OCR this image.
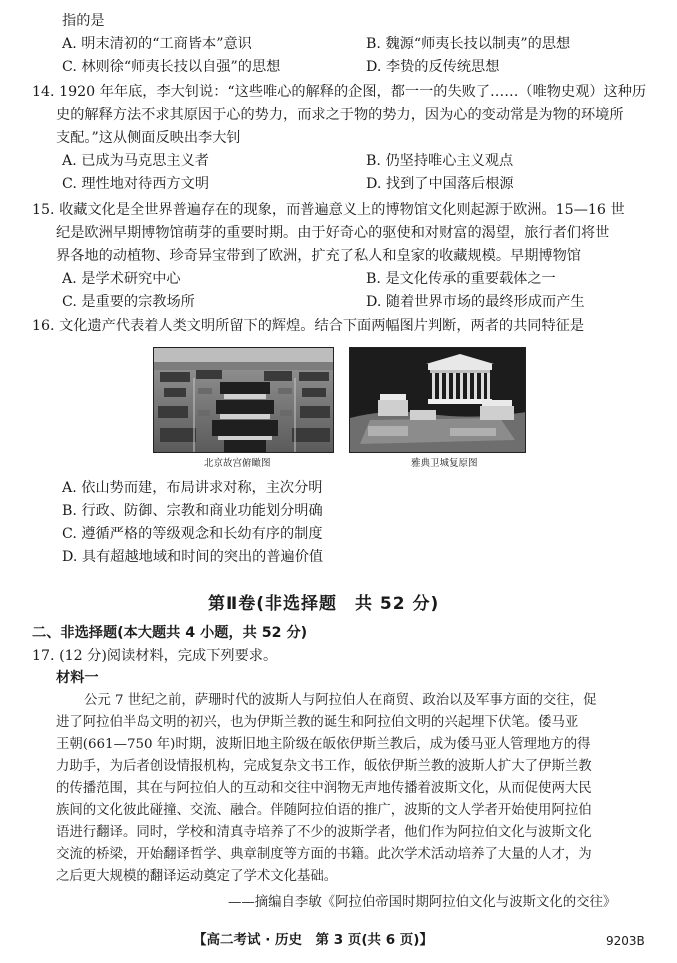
指的是
A. 明末清初的“工商皆本”意识	B. 魏源“师夷长技以制夷”的思想
C. 林则徐“师夷长技以自强”的思想	D. 李贽的反传统思想
14. 1920 年年底，李大钊说：“这些唯心的解释的企图，都一一的失败了……（唯物史观）这种历
史的解释方法不求其原因于心的势力，而求之于物的势力，因为心的变动常是为物的环境所
支配。”这从侧面反映出李大钊
A. 已成为马克思主义者	B. 仍坚持唯心主义观点
C. 理性地对待西方文明	D. 找到了中国落后根源
15. 收藏文化是全世界普遍存在的现象，而普遍意义上的博物馆文化则起源于欧洲。15—16 世
纪是欧洲早期博物馆萌芽的重要时期。由于好奇心的驱使和对财富的渴望，旅行者们将世
界各地的动植物、珍奇异宝带到了欧洲，扩充了私人和皇家的收藏规模。早期博物馆
A. 是学术研究中心	B. 是文化传承的重要载体之一
C. 是重要的宗教场所	D. 随着世界市场的最终形成而产生
16. 文化遗产代表着人类文明所留下的辉煌。结合下面两幅图片判断，两者的共同特征是
北京故宫俯瞰图	雅典卫城复原图
A. 依山势而建，布局讲求对称，主次分明
B. 行政、防御、宗教和商业功能划分明确
C. 遵循严格的等级观念和长幼有序的制度
D. 具有超越地域和时间的突出的普遍价值
第Ⅱ卷(非选择题　共 52 分)
二、非选择题(本大题共 4 小题，共 52 分)
17. (12 分)阅读材料，完成下列要求。
材料一
公元 7 世纪之前，萨珊时代的波斯人与阿拉伯人在商贸、政治以及军事方面的交往，促
进了阿拉伯半岛文明的初兴，也为伊斯兰教的诞生和阿拉伯文明的兴起埋下伏笔。倭马亚
王朝(661—750 年)时期，波斯旧地主阶级在皈依伊斯兰教后，成为倭马亚人管理地方的得
力助手，为后者创设情报机构，完成复杂文书工作，皈依伊斯兰教的波斯人扩大了伊斯兰教
的传播范围，其在与阿拉伯人的互动和交往中润物无声地传播着波斯文化，从而促使两大民
族间的文化彼此碰撞、交流、融合。伴随阿拉伯语的推广，波斯的文人学者开始使用阿拉伯
语进行翻译。同时，学校和清真寺培养了不少的波斯学者，他们作为阿拉伯文化与波斯文化
交流的桥梁，开始翻译哲学、典章制度等方面的书籍。此次学术活动培养了大量的人才，为
之后更大规模的翻译运动奠定了学术文化基础。
——摘编自李敏《阿拉伯帝国时期阿拉伯文化与波斯文化的交往》
【高二考试 · 历史　第 3 页(共 6 页)】	9203B
